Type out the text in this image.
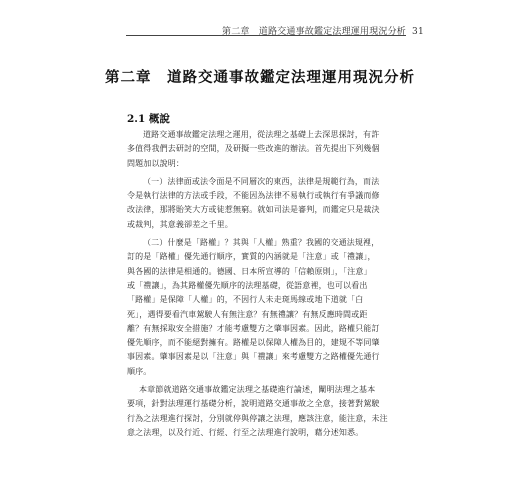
第二章　道路交通事故鑑定法理運用現況分析 31
第二章　道路交通事故鑑定法理運用現況分析
2.1 概說
道路交通事故鑑定法理之運用，從法理之基礎上去深思探討，有許
多值得我們去研討的空間，及研擬一些改進的辦法。首先提出下列幾個
問題加以說明：
（一）法律面或法令面是不同層次的東西，法律是規範行為，而法
令是執行法律的方法或手段，不能因為法律不易執行或執行有爭議而修
改法律，那將貽笑大方或徒惹無窮。就如司法是審判，而鑑定只是裁決
或裁判，其意義卻差之千里。
（二）什麼是「路權」？其與「人權」熟重？我國的交通法規裡，
訂的是「路權」優先通行順序，實質的內涵就是「注意」或「禮讓」，
與各國的法律是相通的。德國、日本所宣導的「信賴原則」，「注意」
或「禮讓」，為其路權優先順序的法理基礎，從語意裡，也可以看出
「路權」是保障「人權」的，不因行人未走斑馬線或地下道就「白
死」，遇得要看汽車駕駛人有無注意？有無禮讓？有無反應時間或距
離？有無採取安全措施？才能考慮雙方之肇事因素。因此，路權只能訂
優先順序，而不能絕對擁有。路權是以保障人權為目的，建規不等同肇
事因素。肇事因素是以「注意」與「禮讓」來考慮雙方之路權優先通行
順序。
本章節就道路交通事故鑑定法理之基礎進行論述，闡明法理之基本
要項，針對法理運行基礎分析，說明道路交通事故之全意，接著對駕駛
行為之法理進行探討，分別就停與停讓之法理，應該注意，能注意，未注
意之法理，以及行近、行經、行至之法理進行說明，藉分述知悉。
